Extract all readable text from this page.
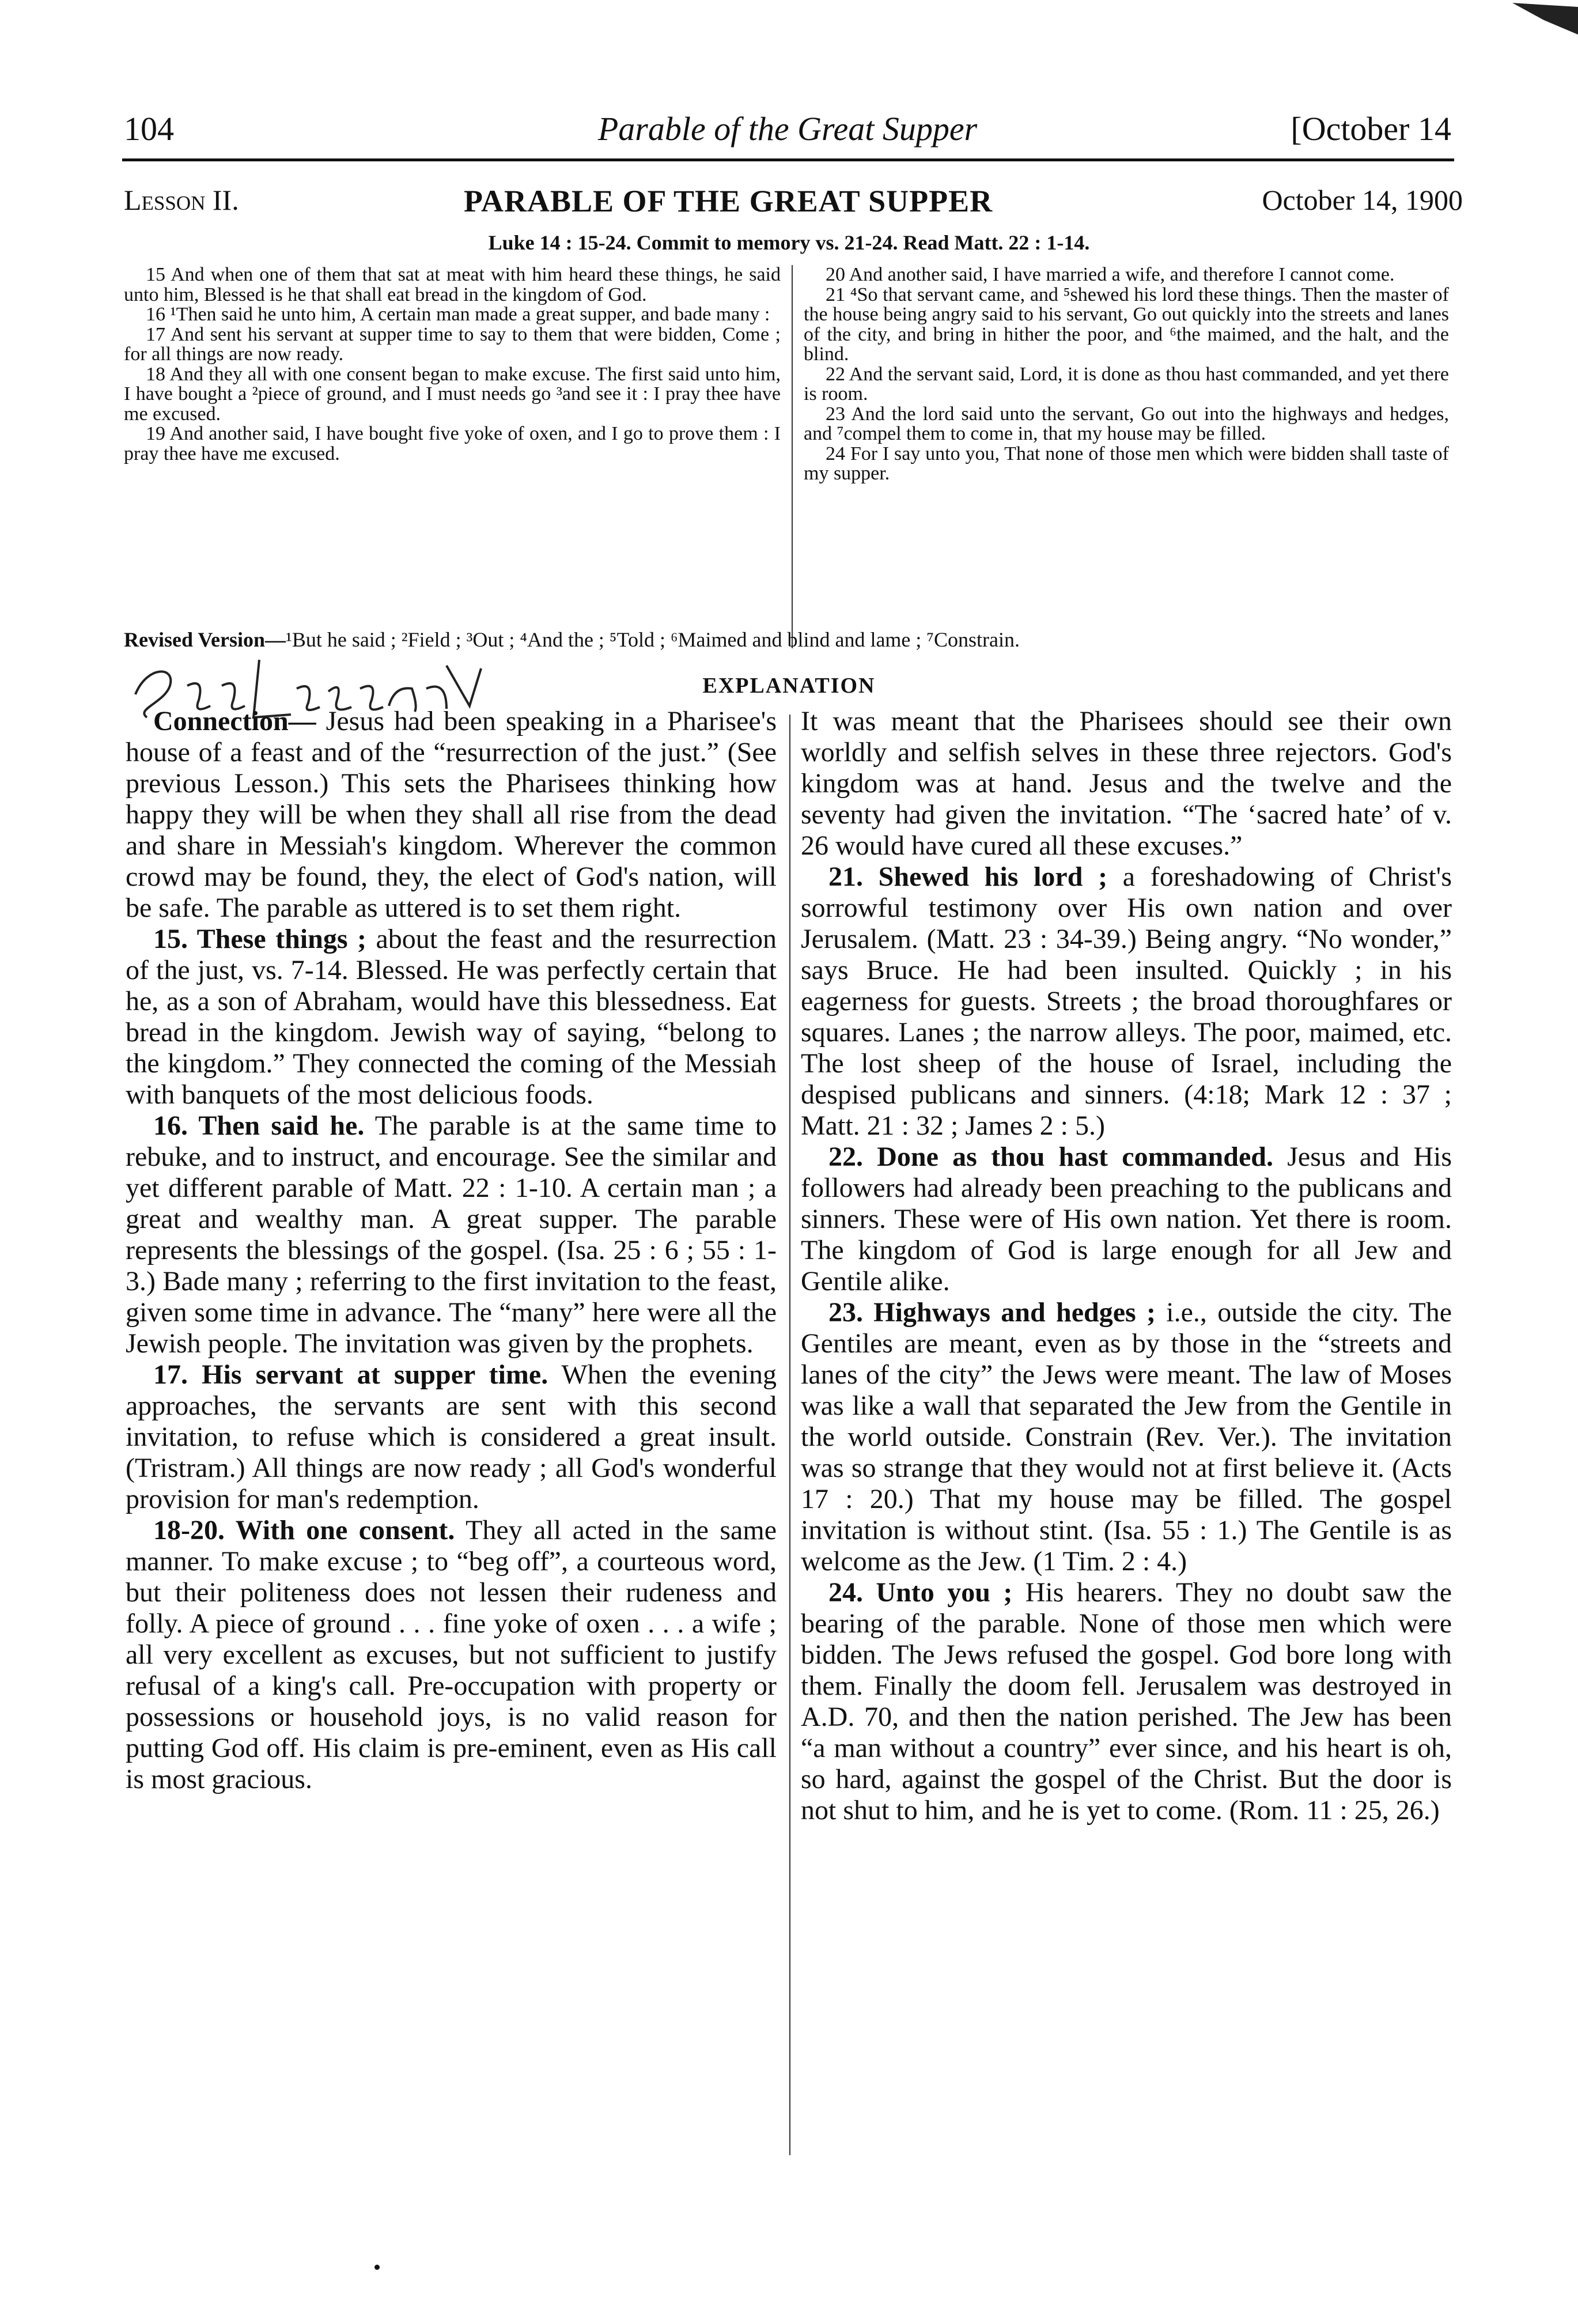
104	Parable of the Great Supper	[October 14
Lesson II.	PARABLE OF THE GREAT SUPPER	October 14, 1900
Luke 14 : 15-24. Commit to memory vs. 21-24. Read Matt. 22 : 1-14.

15 And when one of them that sat at meat with him heard these things, he said unto him, Blessed is he that shall eat bread in the kingdom of God.

16 ¹Then said he unto him, A certain man made a great supper, and bade many :

17 And sent his servant at supper time to say to them that were bidden, Come ; for all things are now ready.

18 And they all with one consent began to make excuse. The first said unto him, I have bought a ²piece of ground, and I must needs go ³and see it : I pray thee have me excused.

19 And another said, I have bought five yoke of oxen, and I go to prove them : I pray thee have me excused.

20 And another said, I have married a wife, and therefore I cannot come.

21 ⁴So that servant came, and ⁵shewed his lord these things. Then the master of the house being angry said to his servant, Go out quickly into the streets and lanes of the city, and bring in hither the poor, and ⁶the maimed, and the halt, and the blind.

22 And the servant said, Lord, it is done as thou hast commanded, and yet there is room.

23 And the lord said unto the servant, Go out into the highways and hedges, and ⁷compel them to come in, that my house may be filled.

24 For I say unto you, That none of those men which were bidden shall taste of my supper.

Revised Version—¹But he said ; ²Field ; ³Out ; ⁴And the ; ⁵Told ; ⁶Maimed and blind and lame ; ⁷Constrain.
EXPLANATION

Connection— Jesus had been speaking in a Pharisee's house of a feast and of the “resurrection of the just.” (See previous Lesson.) This sets the Pharisees thinking how happy they will be when they shall all rise from the dead and share in Messiah's kingdom. Wherever the common crowd may be found, they, the elect of God's nation, will be safe. The parable as uttered is to set them right.

15. These things ; about the feast and the resurrection of the just, vs. 7-14. Blessed. He was perfectly certain that he, as a son of Abraham, would have this blessedness. Eat bread in the kingdom. Jewish way of saying, “belong to the kingdom.” They connected the coming of the Messiah with banquets of the most delicious foods.

16. Then said he. The parable is at the same time to rebuke, and to instruct, and encourage. See the similar and yet different parable of Matt. 22 : 1-10. A certain man ; a great and wealthy man. A great supper. The parable represents the blessings of the gospel. (Isa. 25 : 6 ; 55 : 1-3.) Bade many ; referring to the first invitation to the feast, given some time in advance. The “many” here were all the Jewish people. The invitation was given by the prophets.

17. His servant at supper time. When the evening approaches, the servants are sent with this second invitation, to refuse which is considered a great insult. (Tristram.) All things are now ready ; all God's wonderful provision for man's redemption.

18-20. With one consent. They all acted in the same manner. To make excuse ; to “beg off”, a courteous word, but their politeness does not lessen their rudeness and folly. A piece of ground . . . fine yoke of oxen . . . a wife ; all very excellent as excuses, but not sufficient to justify refusal of a king's call. Pre-occupation with property or possessions or household joys, is no valid reason for putting God off. His claim is pre-eminent, even as His call is most gracious.

It was meant that the Pharisees should see their own worldly and selfish selves in these three rejectors. God's kingdom was at hand. Jesus and the twelve and the seventy had given the invitation. “The ‘sacred hate’ of v. 26 would have cured all these excuses.”

21. Shewed his lord ; a foreshadowing of Christ's sorrowful testimony over His own nation and over Jerusalem. (Matt. 23 : 34-39.) Being angry. “No wonder,” says Bruce. He had been insulted. Quickly ; in his eagerness for guests. Streets ; the broad thoroughfares or squares. Lanes ; the narrow alleys. The poor, maimed, etc. The lost sheep of the house of Israel, including the despised publicans and sinners. (4:18; Mark 12 : 37 ; Matt. 21 : 32 ; James 2 : 5.)

22. Done as thou hast commanded. Jesus and His followers had already been preaching to the publicans and sinners. These were of His own nation. Yet there is room. The kingdom of God is large enough for all Jew and Gentile alike.

23. Highways and hedges ; i.e., outside the city. The Gentiles are meant, even as by those in the “streets and lanes of the city” the Jews were meant. The law of Moses was like a wall that separated the Jew from the Gentile in the world outside. Constrain (Rev. Ver.). The invitation was so strange that they would not at first believe it. (Acts 17 : 20.) That my house may be filled. The gospel invitation is without stint. (Isa. 55 : 1.) The Gentile is as welcome as the Jew. (1 Tim. 2 : 4.)

24. Unto you ; His hearers. They no doubt saw the bearing of the parable. None of those men which were bidden. The Jews refused the gospel. God bore long with them. Finally the doom fell. Jerusalem was destroyed in A.D. 70, and then the nation perished. The Jew has been “a man without a country” ever since, and his heart is oh, so hard, against the gospel of the Christ. But the door is not shut to him, and he is yet to come. (Rom. 11 : 25, 26.)
